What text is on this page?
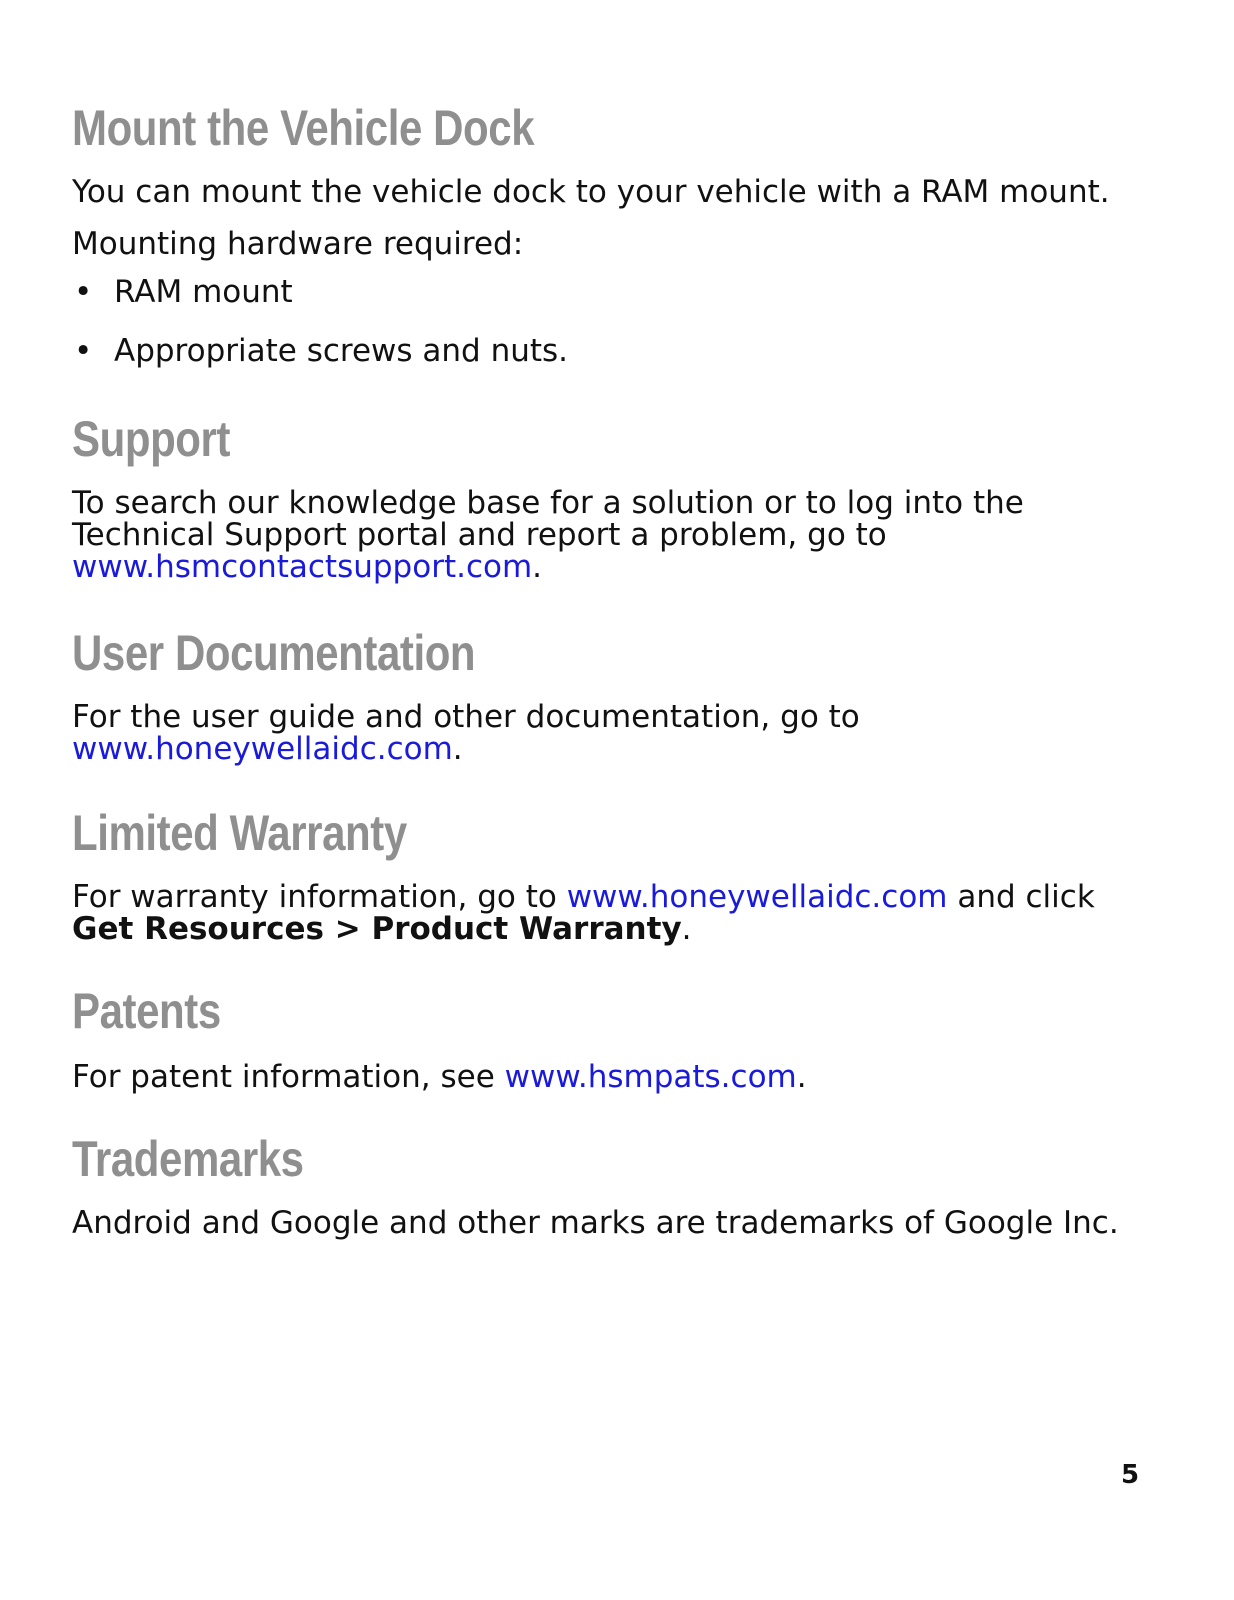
Mount the Vehicle Dock

You can mount the vehicle dock to your vehicle with a RAM mount.

Mounting hardware required:

• RAM mount
• Appropriate screws and nuts.
Support

To search our knowledge base for a solution or to log into the Technical Support portal and report a problem, go to www.hsmcontactsupport.com.

User Documentation

For the user guide and other documentation, go to www.honeywellaidc.com.

Limited Warranty

For warranty information, go to www.honeywellaidc.com and click Get Resources > Product Warranty.

Patents

For patent information, see www.hsmpats.com.

Trademarks

Android and Google and other marks are trademarks of Google Inc.

5
